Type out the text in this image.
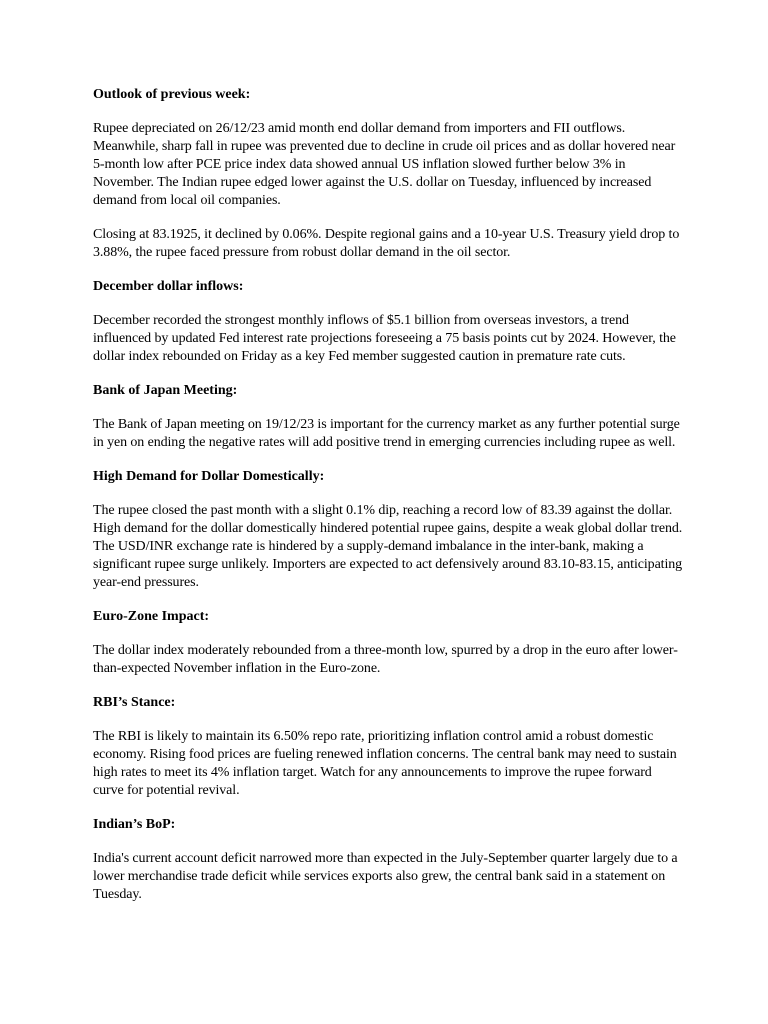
Outlook of previous week:

Rupee depreciated on 26/12/23 amid month end dollar demand from importers and FII outflows. Meanwhile, sharp fall in rupee was prevented due to decline in crude oil prices and as dollar hovered near 5-month low after PCE price index data showed annual US inflation slowed further below 3% in November. The Indian rupee edged lower against the U.S. dollar on Tuesday, influenced by increased demand from local oil companies.

Closing at 83.1925, it declined by 0.06%. Despite regional gains and a 10-year U.S. Treasury yield drop to 3.88%, the rupee faced pressure from robust dollar demand in the oil sector.

December dollar inflows:

December recorded the strongest monthly inflows of $5.1 billion from overseas investors, a trend influenced by updated Fed interest rate projections foreseeing a 75 basis points cut by 2024. However, the dollar index rebounded on Friday as a key Fed member suggested caution in premature rate cuts.

Bank of Japan Meeting:

The Bank of Japan meeting on 19/12/23 is important for the currency market as any further potential surge in yen on ending the negative rates will add positive trend in emerging currencies including rupee as well.

High Demand for Dollar Domestically:

The rupee closed the past month with a slight 0.1% dip, reaching a record low of 83.39 against the dollar. High demand for the dollar domestically hindered potential rupee gains, despite a weak global dollar trend. The USD/INR exchange rate is hindered by a supply-demand imbalance in the inter-bank, making a significant rupee surge unlikely. Importers are expected to act defensively around 83.10-83.15, anticipating year-end pressures.

Euro-Zone Impact:

The dollar index moderately rebounded from a three-month low, spurred by a drop in the euro after lower-than-expected November inflation in the Euro-zone.

RBI’s Stance:

The RBI is likely to maintain its 6.50% repo rate, prioritizing inflation control amid a robust domestic economy. Rising food prices are fueling renewed inflation concerns. The central bank may need to sustain high rates to meet its 4% inflation target. Watch for any announcements to improve the rupee forward curve for potential revival.

Indian’s BoP:

India's current account deficit narrowed more than expected in the July-September quarter largely due to a lower merchandise trade deficit while services exports also grew, the central bank said in a statement on Tuesday.
